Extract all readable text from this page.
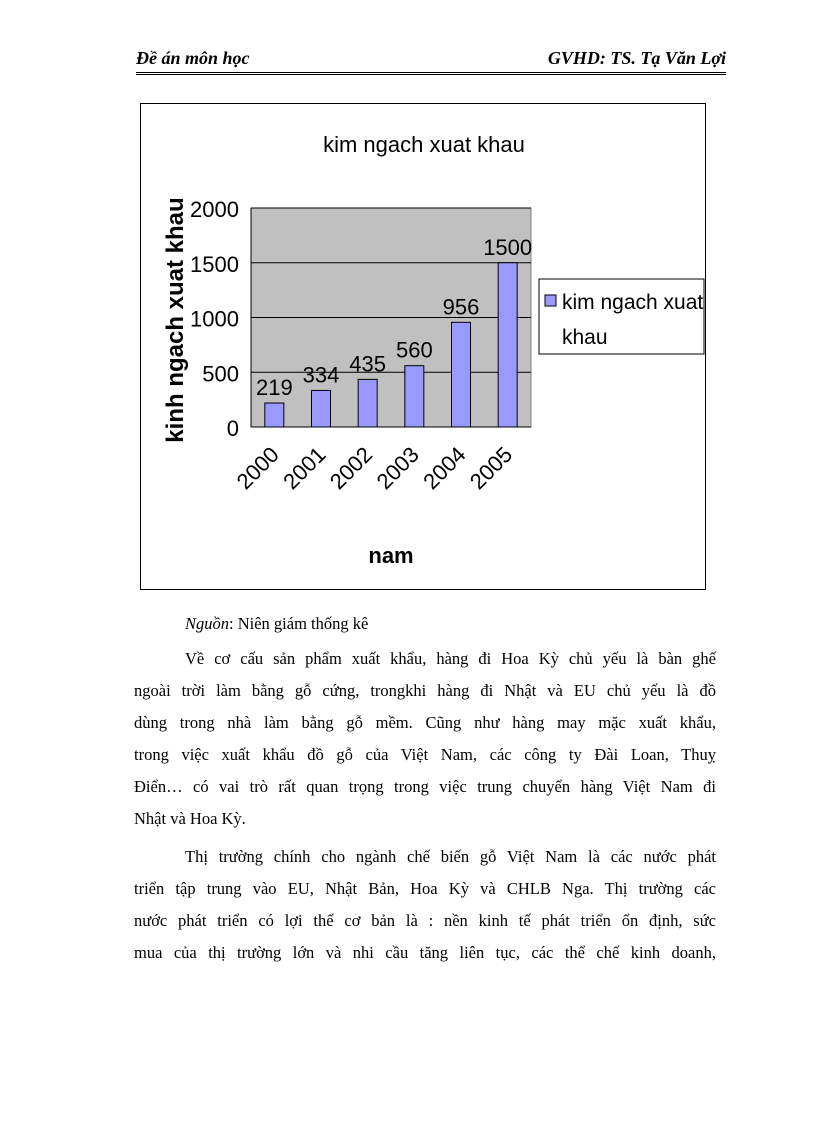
Đề án môn học	GVHD: TS. Tạ Văn Lợi
kim ngach xuat khau
kinh ngach xuat khau
nam
0
500
1000
1500
2000
219
334 435
560
956
1500
2000
2001
2002
2003
2004
2005
kim ngach xuat
khau
Nguồn: Niên giám thống kê
Về cơ cấu sản phẩm xuất khẩu, hàng đi Hoa Kỳ chủ yếu là bàn ghế
ngoài trời làm bằng gỗ cứng, trongkhi hàng đi Nhật và EU chủ yếu là đồ
dùng trong nhà làm bằng gỗ mềm. Cũng như hàng may mặc xuất khẩu,
trong việc xuất khẩu đồ gỗ của Việt Nam, các công ty Đài Loan, Thuỵ
Điển… có vai trò rất quan trọng trong việc trung chuyển hàng Việt Nam đi
Nhật và Hoa Kỳ.
Thị trường chính cho ngành chế biến gỗ Việt Nam là các nước phát
triển tập trung vào EU, Nhật Bản, Hoa Kỳ và CHLB Nga. Thị trường các
nước phát triển có lợi thế cơ bản là : nền kinh tế phát triển ổn định, sức
mua của thị trường lớn và nhi cầu tăng liên tục, các thể chế kinh doanh,
